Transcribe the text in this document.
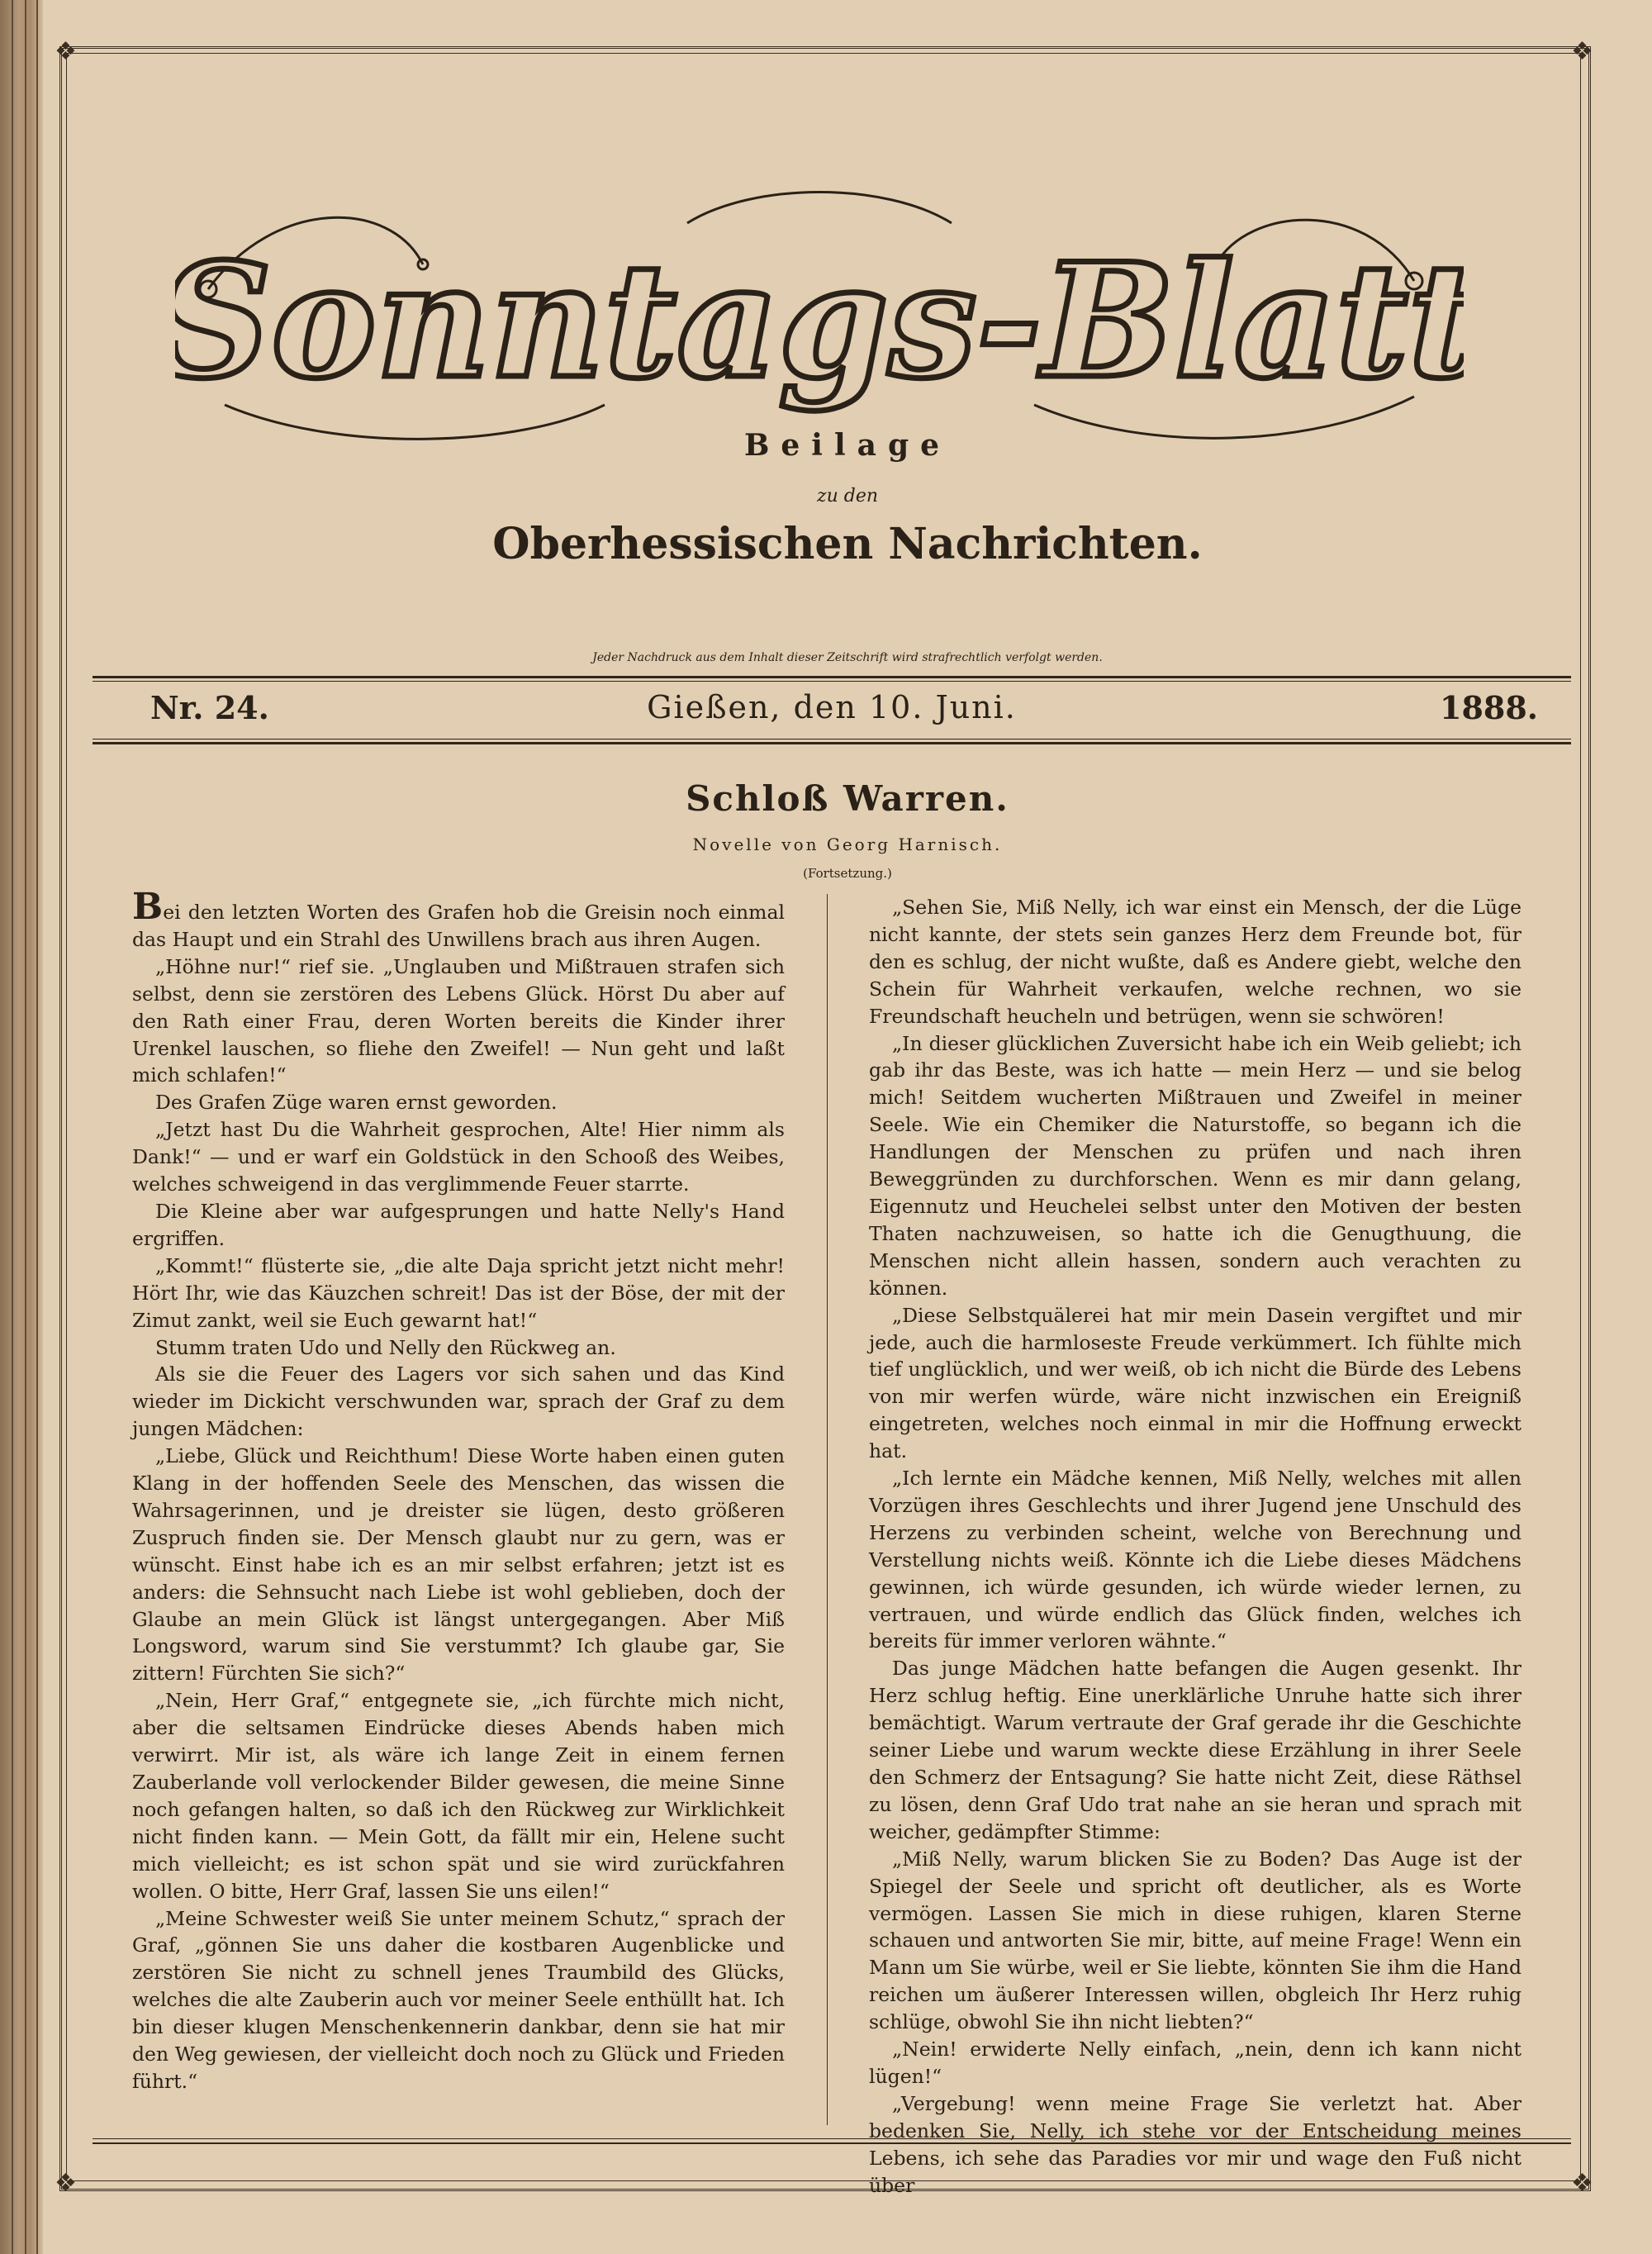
❖	❖
❖	❖
Sonntags-Blatt
Beilage
zu den
Oberhessischen Nachrichten.
Jeder Nachdruck aus dem Inhalt dieser Zeitschrift wird strafrechtlich verfolgt werden.
Nr. 24.	Gießen, den 10. Juni.	1888.
Schloß Warren.
Novelle von Georg Harnisch.
(Fortsetzung.)

Bei den letzten Worten des Grafen hob die Greisin noch einmal das Haupt und ein Strahl des Unwillens brach aus ihren Augen.

„Höhne nur!“ rief sie. „Unglauben und Mißtrauen strafen sich selbst, denn sie zerstören des Lebens Glück. Hörst Du aber auf den Rath einer Frau, deren Worten bereits die Kinder ihrer Urenkel lauschen, so fliehe den Zweifel! — Nun geht und laßt mich schlafen!“

Des Grafen Züge waren ernst geworden.

„Jetzt hast Du die Wahrheit gesprochen, Alte! Hier nimm als Dank!“ — und er warf ein Goldstück in den Schooß des Weibes, welches schweigend in das verglimmende Feuer starrte.

Die Kleine aber war aufgesprungen und hatte Nelly's Hand ergriffen.

„Kommt!“ flüsterte sie, „die alte Daja spricht jetzt nicht mehr! Hört Ihr, wie das Käuzchen schreit! Das ist der Böse, der mit der Zimut zankt, weil sie Euch gewarnt hat!“

Stumm traten Udo und Nelly den Rückweg an.

Als sie die Feuer des Lagers vor sich sahen und das Kind wieder im Dickicht verschwunden war, sprach der Graf zu dem jungen Mädchen:

„Liebe, Glück und Reichthum! Diese Worte haben einen guten Klang in der hoffenden Seele des Menschen, das wissen die Wahrsagerinnen, und je dreister sie lügen, desto größeren Zuspruch finden sie. Der Mensch glaubt nur zu gern, was er wünscht. Einst habe ich es an mir selbst erfahren; jetzt ist es anders: die Sehnsucht nach Liebe ist wohl geblieben, doch der Glaube an mein Glück ist längst untergegangen. Aber Miß Longsword, warum sind Sie verstummt? Ich glaube gar, Sie zittern! Fürchten Sie sich?“

„Nein, Herr Graf,“ entgegnete sie, „ich fürchte mich nicht, aber die seltsamen Eindrücke dieses Abends haben mich verwirrt. Mir ist, als wäre ich lange Zeit in einem fernen Zauberlande voll verlockender Bilder gewesen, die meine Sinne noch gefangen halten, so daß ich den Rückweg zur Wirklichkeit nicht finden kann. — Mein Gott, da fällt mir ein, Helene sucht mich vielleicht; es ist schon spät und sie wird zurückfahren wollen. O bitte, Herr Graf, lassen Sie uns eilen!“

„Meine Schwester weiß Sie unter meinem Schutz,“ sprach der Graf, „gönnen Sie uns daher die kostbaren Augenblicke und zerstören Sie nicht zu schnell jenes Traumbild des Glücks, welches die alte Zauberin auch vor meiner Seele enthüllt hat. Ich bin dieser klugen Menschenkennerin dankbar, denn sie hat mir den Weg gewiesen, der vielleicht doch noch zu Glück und Frieden führt.“

„Sehen Sie, Miß Nelly, ich war einst ein Mensch, der die Lüge nicht kannte, der stets sein ganzes Herz dem Freunde bot, für den es schlug, der nicht wußte, daß es Andere giebt, welche den Schein für Wahrheit verkaufen, welche rechnen, wo sie Freundschaft heucheln und betrügen, wenn sie schwören!

„In dieser glücklichen Zuversicht habe ich ein Weib geliebt; ich gab ihr das Beste, was ich hatte — mein Herz — und sie belog mich! Seitdem wucherten Mißtrauen und Zweifel in meiner Seele. Wie ein Chemiker die Naturstoffe, so begann ich die Handlungen der Menschen zu prüfen und nach ihren Beweggründen zu durchforschen. Wenn es mir dann gelang, Eigennutz und Heuchelei selbst unter den Motiven der besten Thaten nachzuweisen, so hatte ich die Genugthuung, die Menschen nicht allein hassen, sondern auch verachten zu können.

„Diese Selbstquälerei hat mir mein Dasein vergiftet und mir jede, auch die harmloseste Freude verkümmert. Ich fühlte mich tief unglücklich, und wer weiß, ob ich nicht die Bürde des Lebens von mir werfen würde, wäre nicht inzwischen ein Ereigniß eingetreten, welches noch einmal in mir die Hoffnung erweckt hat.

„Ich lernte ein Mädche kennen, Miß Nelly, welches mit allen Vorzügen ihres Geschlechts und ihrer Jugend jene Unschuld des Herzens zu verbinden scheint, welche von Berechnung und Verstellung nichts weiß. Könnte ich die Liebe dieses Mädchens gewinnen, ich würde gesunden, ich würde wieder lernen, zu vertrauen, und würde endlich das Glück finden, welches ich bereits für immer verloren wähnte.“

Das junge Mädchen hatte befangen die Augen gesenkt. Ihr Herz schlug heftig. Eine unerklärliche Unruhe hatte sich ihrer bemächtigt. Warum vertraute der Graf gerade ihr die Geschichte seiner Liebe und warum weckte diese Erzählung in ihrer Seele den Schmerz der Entsagung? Sie hatte nicht Zeit, diese Räthsel zu lösen, denn Graf Udo trat nahe an sie heran und sprach mit weicher, gedämpfter Stimme:

„Miß Nelly, warum blicken Sie zu Boden? Das Auge ist der Spiegel der Seele und spricht oft deutlicher, als es Worte vermögen. Lassen Sie mich in diese ruhigen, klaren Sterne schauen und antworten Sie mir, bitte, auf meine Frage! Wenn ein Mann um Sie würbe, weil er Sie liebte, könnten Sie ihm die Hand reichen um äußerer Interessen willen, obgleich Ihr Herz ruhig schlüge, obwohl Sie ihn nicht liebten?“

„Nein! erwiderte Nelly einfach, „nein, denn ich kann nicht lügen!“

„Vergebung! wenn meine Frage Sie verletzt hat. Aber bedenken Sie, Nelly, ich stehe vor der Entscheidung meines Lebens, ich sehe das Paradies vor mir und wage den Fuß nicht über
